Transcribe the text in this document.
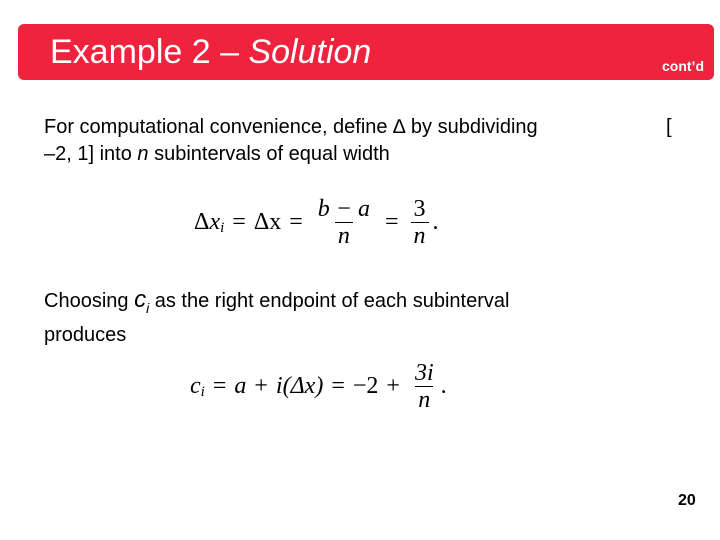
Example 2 – Solution	cont’d
For computational convenience, define ∆ by subdividing
–2, 1] into n subintervals of equal width
[
Δ $x_i = \Delta x = \frac{b - a}{n} = \frac{3}{n}$ .
Choosing $c_i$ as the right endpoint of each subinterval
produces
$c_i = a + i(\Delta x) = -2 + \frac{3i}{n}$ .
20
